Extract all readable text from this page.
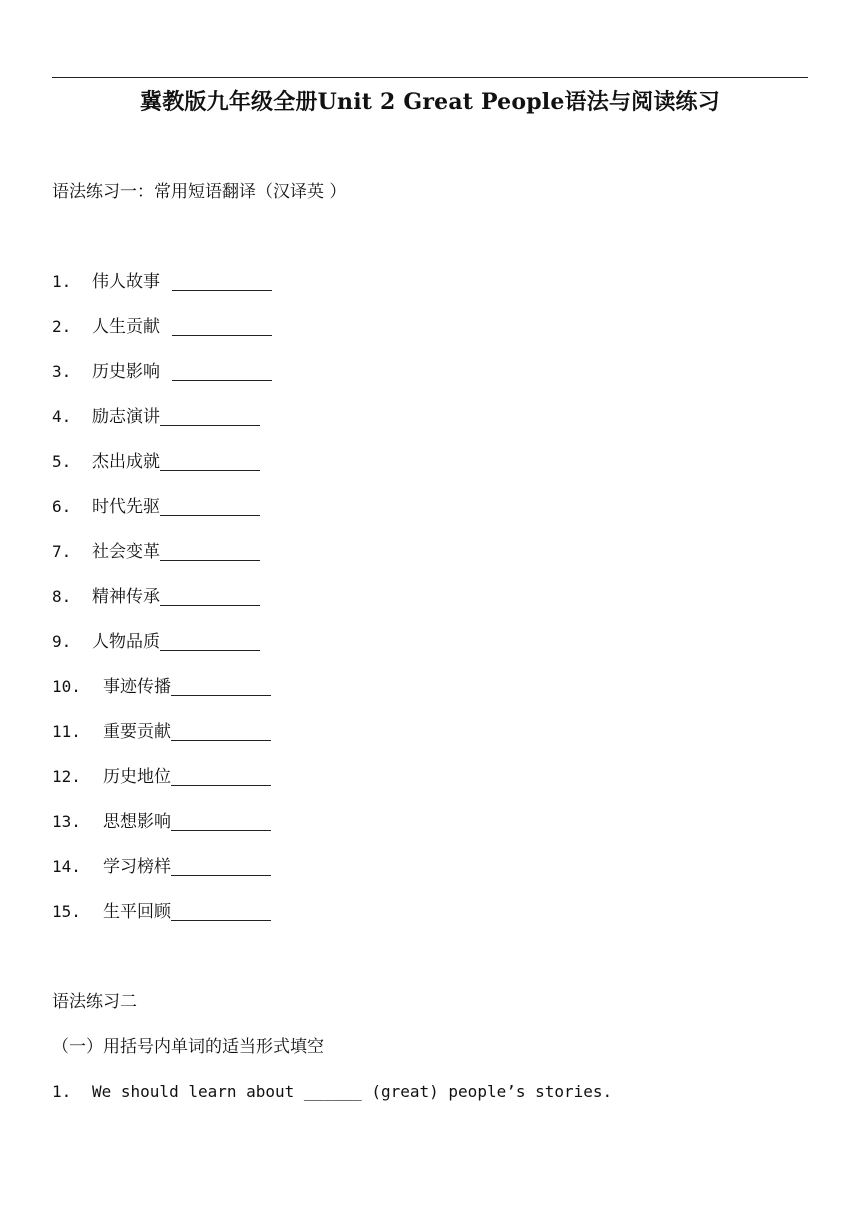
冀教版九年级全册Unit 2 Great People语法与阅读练习
语法练习一：常用短语翻译（汉译英 ）
1.	伟人故事
2.	人生贡献
3.	历史影响
4.	励志演讲
5.	杰出成就
6.	时代先驱
7.	社会变革
8.	精神传承
9.	人物品质
10.	事迹传播
11.	重要贡献
12.	历史地位
13.	思想影响
14.	学习榜样
15.	生平回顾
语法练习二
（一）用括号内单词的适当形式填空
1. We should learn about ______ (great) people’s stories.
